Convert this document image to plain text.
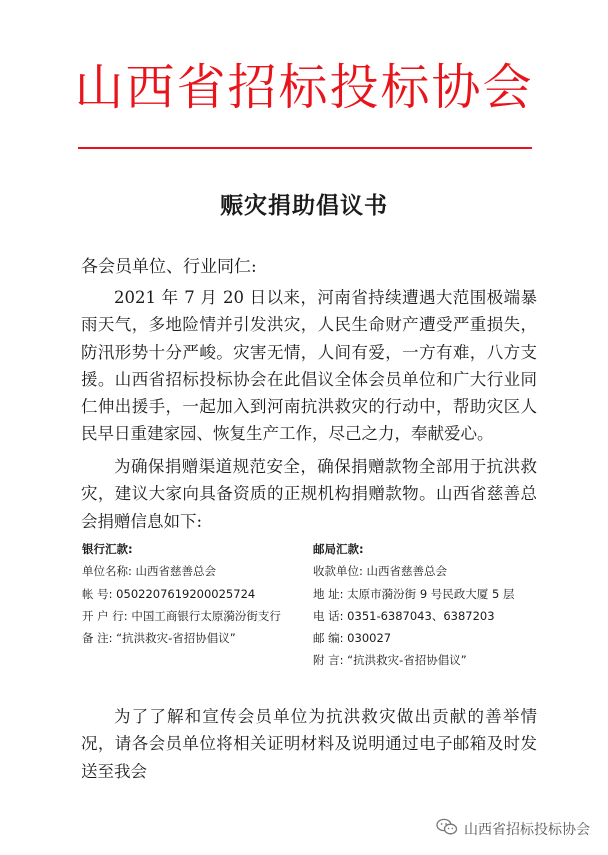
山西省招标投标协会
赈灾捐助倡议书
各会员单位、行业同仁:
2021 年 7 月 20 日以来，河南省持续遭遇大范围极端暴雨天气，多地险情并引发洪灾，人民生命财产遭受严重损失，防汛形势十分严峻。灾害无情，人间有爱，一方有难，八方支援。山西省招标投标协会在此倡议全体会员单位和广大行业同仁伸出援手，一起加入到河南抗洪救灾的行动中，帮助灾区人民早日重建家园、恢复生产工作，尽己之力，奉献爱心。
为确保捐赠渠道规范安全，确保捐赠款物全部用于抗洪救灾，建议大家向具备资质的正规机构捐赠款物。山西省慈善总会捐赠信息如下:
银行汇款:
单位名称: 山西省慈善总会
帐 号: 0502207619200025724
开 户 行: 中国工商银行太原漪汾街支行
备 注: “抗洪救灾-省招协倡议”
邮局汇款:
收款单位: 山西省慈善总会
地 址: 太原市漪汾街 9 号民政大厦 5 层
电 话: 0351-6387043、6387203
邮 编: 030027
附 言: “抗洪救灾-省招协倡议”
为了了解和宣传会员单位为抗洪救灾做出贡献的善举情况，请各会员单位将相关证明材料及说明通过电子邮箱及时发送至我会
山西省招标投标协会
